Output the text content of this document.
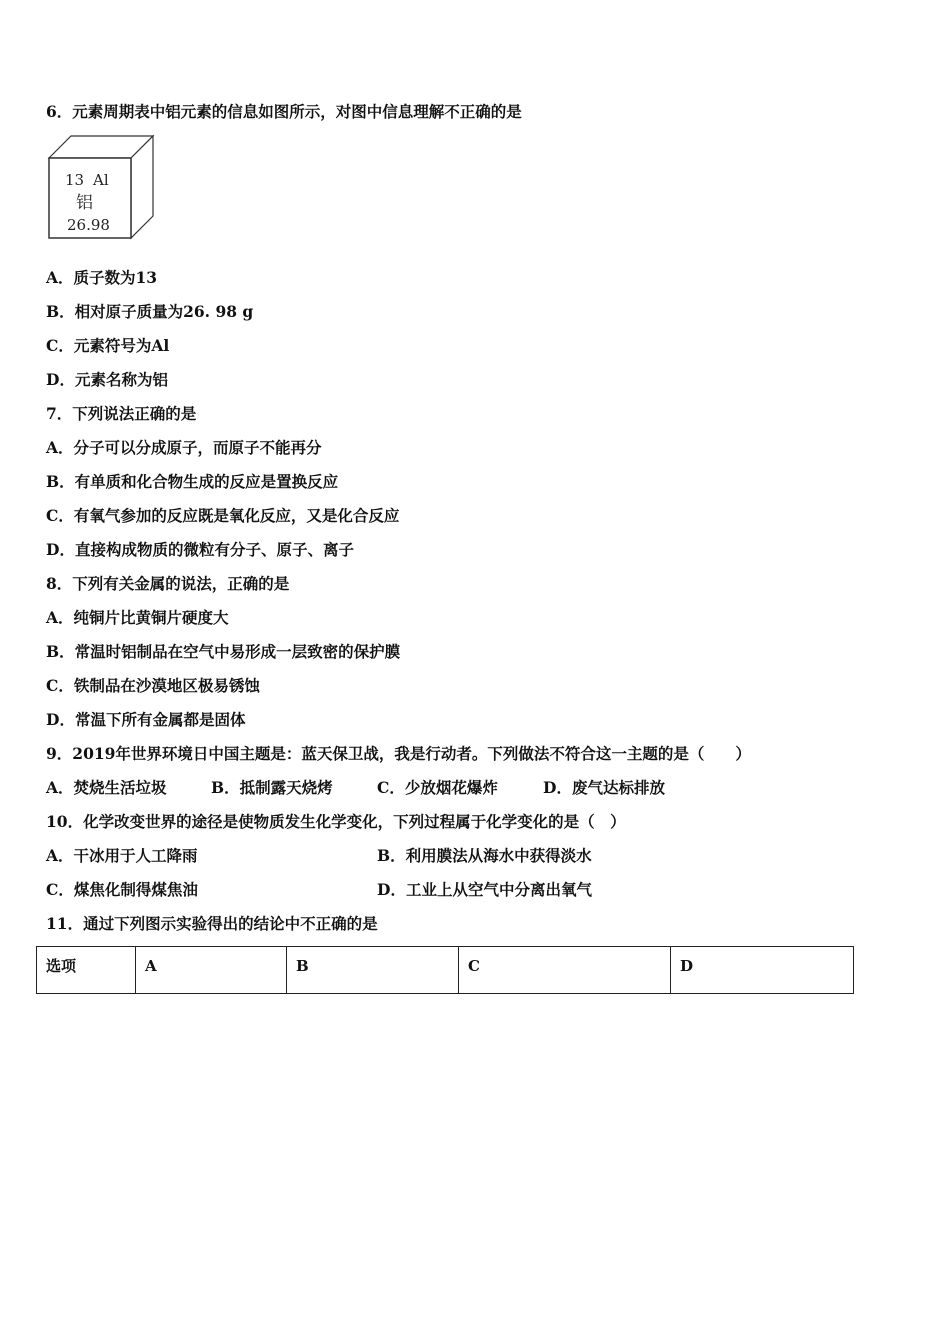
6．元素周期表中铝元素的信息如图所示，对图中信息理解不正确的是
13 Al
铝
26.98
A．质子数为13
B．相对原子质量为26. 98 g
C．元素符号为Al
D．元素名称为铝
7．下列说法正确的是
A．分子可以分成原子，而原子不能再分
B．有单质和化合物生成的反应是置换反应
C．有氧气参加的反应既是氧化反应，又是化合反应
D．直接构成物质的微粒有分子、原子、离子
8．下列有关金属的说法，正确的是
A．纯铜片比黄铜片硬度大
B．常温时铝制品在空气中易形成一层致密的保护膜
C．铁制品在沙漠地区极易锈蚀
D．常温下所有金属都是固体
9．2019年世界环境日中国主题是：蓝天保卫战，我是行动者。下列做法不符合这一主题的是（　　）
A．焚烧生活垃圾	B．抵制露天烧烤	C．少放烟花爆炸	D．废气达标排放
10．化学改变世界的途径是使物质发生化学变化，下列过程属于化学变化的是（　）
A．干冰用于人工降雨	B．利用膜法从海水中获得淡水
C．煤焦化制得煤焦油	D．工业上从空气中分离出氧气
11．通过下列图示实验得出的结论中不正确的是
选项	A	B	C	D
